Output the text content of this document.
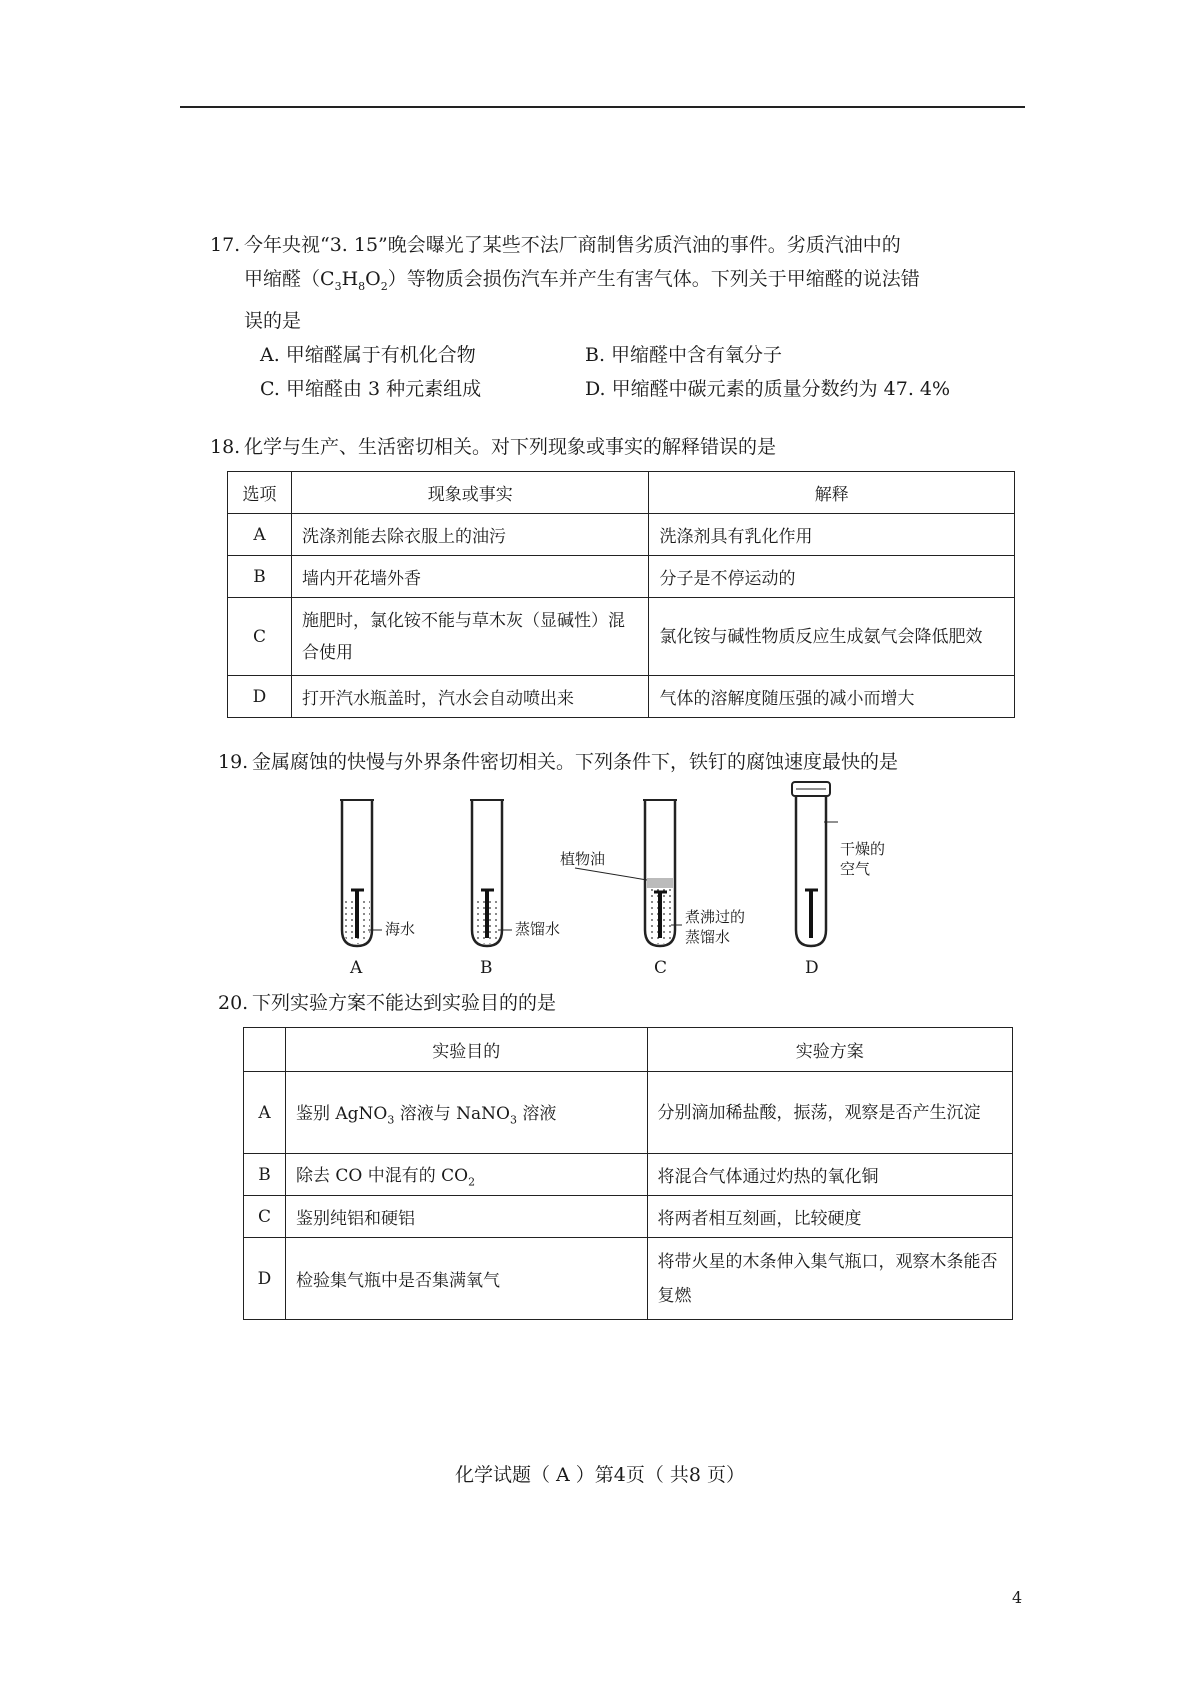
17. 今年央视“3. 15”晚会曝光了某些不法厂商制售劣质汽油的事件。劣质汽油中的
甲缩醛$(C_3H_8O_2)$等物质会损伤汽车并产生有害气体。下列关于甲缩醛的说法错
误的是
A. 甲缩醛属于有机化合物	B. 甲缩醛中含有氧分子
C. 甲缩醛由 3 种元素组成	D. 甲缩醛中碳元素的质量分数约为 47. 4%
18. 化学与生产、生活密切相关。对下列现象或事实的解释错误的是
选项	现象或事实	解释
A	洗涤剂能去除衣服上的油污	洗涤剂具有乳化作用
B	墙内开花墙外香	分子是不停运动的
C	施肥时，氯化铵不能与草木灰（显碱性）混合使用	氯化铵与碱性物质反应生成氨气会降低肥效
D	打开汽水瓶盖时，汽水会自动喷出来	气体的溶解度随压强的减小而增大
19. 金属腐蚀的快慢与外界条件密切相关。下列条件下，铁钉的腐蚀速度最快的是
海水	蒸馏水
植物油
煮沸过的
蒸馏水
干燥的
空气
A	B	C	D
20. 下列实验方案不能达到实验目的的是
	实验目的	实验方案
A	鉴别 AgNO$_3$ 溶液与 NaNO$_3$ 溶液	分别滴加稀盐酸，振荡，观察是否产生沉淀
B	除去 CO 中混有的 $CO_2$	将混合气体通过灼热的氧化铜
C	鉴别纯铝和硬铝	将两者相互刻画，比较硬度
D	检验集气瓶中是否集满氧气	将带火星的木条伸入集气瓶口，观察木条能否复燃
化学试题（ A ）第4页（ 共8 页）
4
